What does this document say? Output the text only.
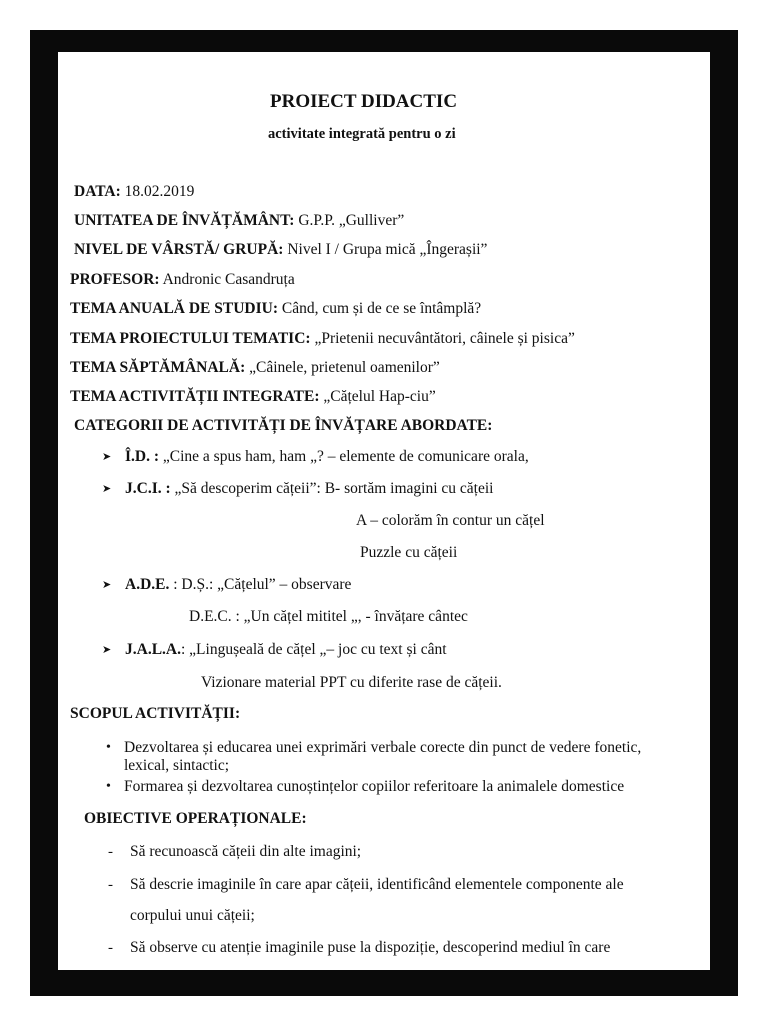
PROIECT DIDACTIC
activitate integrată pentru o zi
DATA: 18.02.2019
UNITATEA DE ÎNVĂȚĂMÂNT: G.P.P. „Gulliver”
NIVEL DE VÂRSTĂ/ GRUPĂ: Nivel I / Grupa mică „Îngerașii”
PROFESOR: Andronic Casandruța
TEMA ANUALĂ DE STUDIU: Când, cum și de ce se întâmplă?
TEMA PROIECTULUI TEMATIC: „Prietenii necuvântători, câinele și pisica”
TEMA SĂPTĂMÂNALĂ: „Câinele, prietenul oamenilor”
TEMA ACTIVITĂȚII INTEGRATE: „Cățelul Hap-ciu”
CATEGORII DE ACTIVITĂȚI DE ÎNVĂȚARE ABORDATE:
➤ Î.D. : „Cine a spus ham, ham „? – elemente de comunicare orala,
➤ J.C.I. : „Să descoperim cățeii”: B- sortăm imagini cu cățeii
A – colorăm în contur un cățel
Puzzle cu cățeii
➤ A.D.E. : D.Ș.: „Cățelul” – observare
D.E.C. : „Un cățel mititel „, - învățare cântec
➤ J.A.L.A.: „Lingușeală de cățel „– joc cu text și cânt
Vizionare material PPT cu diferite rase de cățeii.
SCOPUL ACTIVITĂȚII:
• Dezvoltarea și educarea unei exprimări verbale corecte din punct de vedere fonetic,
lexical, sintactic;
• Formarea și dezvoltarea cunoștințelor copiilor referitoare la animalele domestice
OBIECTIVE OPERAȚIONALE:
- Să recunoască cățeii din alte imagini;
- Să descrie imaginile în care apar cățeii, identificând elementele componente ale
corpului unui cățeii;
- Să observe cu atenție imaginile puse la dispoziție, descoperind mediul în care
